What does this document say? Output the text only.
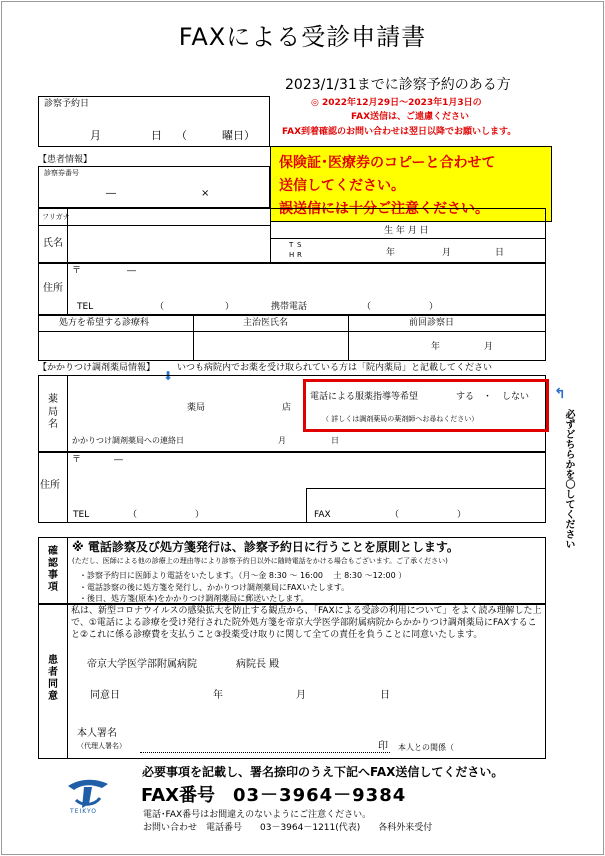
FAXによる受診申請書
2023/1/31までに診察予約のある方
◎ 2022年12月29日～2023年1月3日の
FAX送信は、ご遠慮ください
FAX到着確認のお問い合わせは翌日以降でお願いします。
診察予約日
月	日 （	曜日）
【患者情報】
診察券番号
―	×
保険証･医療券のコピーと合わせて
送信してください。
誤送信には十分ご注意ください。
フリガナ
氏名
生 年 月 日
T S
H R	年	月	日
住所
〒	―
TEL	（	）	携帯電話	（	）
処方を希望する診療科	主治医氏名	前回診察日
年	月
【かかりつけ調剤薬局情報】 いつも病院内でお薬を受け取られている方は「院内薬局」と記載してください
⬇
薬局名
薬局	店
かかりつけ調剤薬局への連絡日	月	日
電話による服薬指導等希望	する ・ しない
（ 詳しくは調剤薬局の薬剤師へお尋ねください）
↰
必ずどちらかを〇してください
住所
〒	―
TEL	（	）	FAX	（	）
確認事項
※ 電話診察及び処方箋発行は、診察予約日に行うことを原則とします。
(ただし、医師による他の診療上の理由等により診察予約日以外に随時電話をかける場合もございます。ご了承ください)
・診察予約日に医師より電話をいたします。（月～金 8:30 ～ 16:00　 土 8:30 ～12:00 ）
・電話診察の後に処方箋を発行し、かかりつけ調剤薬局にFAXいたします。
・後日、処方箋(原本)をかかりつけ調剤薬局に郵送いたします。
患者同意
私は、新型コロナウイルスの感染拡大を防止する観点から、「FAXによる受診の利用について」をよく読み理解した上で、①電話による診療を受け発行された院外処方箋を帝京大学医学部附属病院からかかりつけ調剤薬局にFAXすること②これに係る診療費を支払うこと③投薬受け取りに関して全ての責任を負うことに同意いたします。
帝京大学医学部附属病院	病院長 殿
同意日	年	月	日
本人署名
（代理人署名）	印 本人との関係（
必要事項を記載し、署名捺印のうえ下記へFAX送信してください。
FAX番号 03－3964－9384
電話･FAX番号はお間違えのないようにご注意ください。
お問い合わせ　電話番号　　03－3964－1211(代表)　　各科外来受付
TEIKYO
